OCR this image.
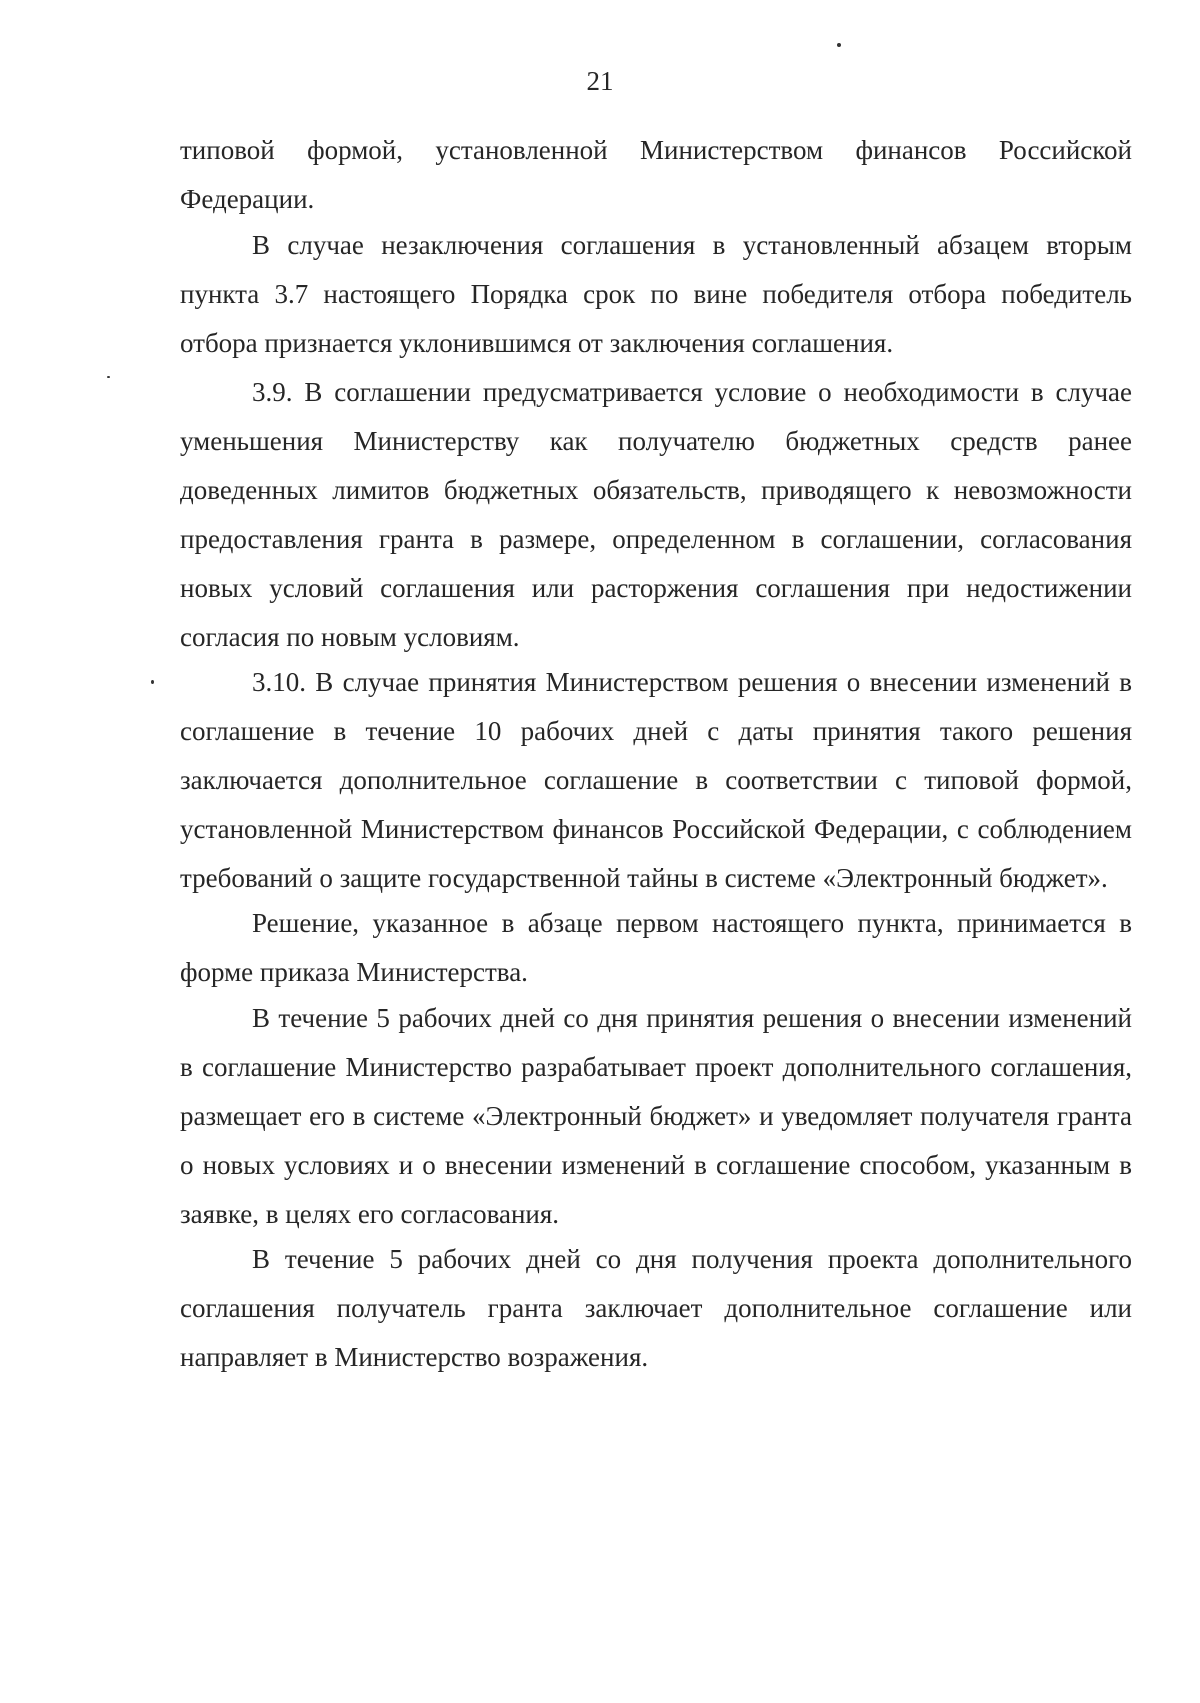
21

типовой формой, установленной Министерством финансов Российской Федерации.

В случае незаключения соглашения в установленный абзацем вторым пункта 3.7 настоящего Порядка срок по вине победителя отбора победитель отбора признается уклонившимся от заключения соглашения.

3.9. В соглашении предусматривается условие о необходимости в случае уменьшения Министерству как получателю бюджетных средств ранее доведенных лимитов бюджетных обязательств, приводящего к невозможности предоставления гранта в размере, определенном в соглашении, согласования новых условий соглашения или расторжения соглашения при недостижении согласия по новым условиям.

3.10. В случае принятия Министерством решения о внесении изменений в соглашение в течение 10 рабочих дней с даты принятия такого решения заключается дополнительное соглашение в соответствии с типовой формой, установленной Министерством финансов Российской Федерации, с соблюдением требований о защите государственной тайны в системе «Электронный бюджет».

Решение, указанное в абзаце первом настоящего пункта, принимается в форме приказа Министерства.

В течение 5 рабочих дней со дня принятия решения о внесении изменений в соглашение Министерство разрабатывает проект дополнительного соглашения, размещает его в системе «Электронный бюджет» и уведомляет получателя гранта о новых условиях и о внесении изменений в соглашение способом, указанным в заявке, в целях его согласования.

В течение 5 рабочих дней со дня получения проекта дополнительного соглашения получатель гранта заключает дополнительное соглашение или направляет в Министерство возражения.
